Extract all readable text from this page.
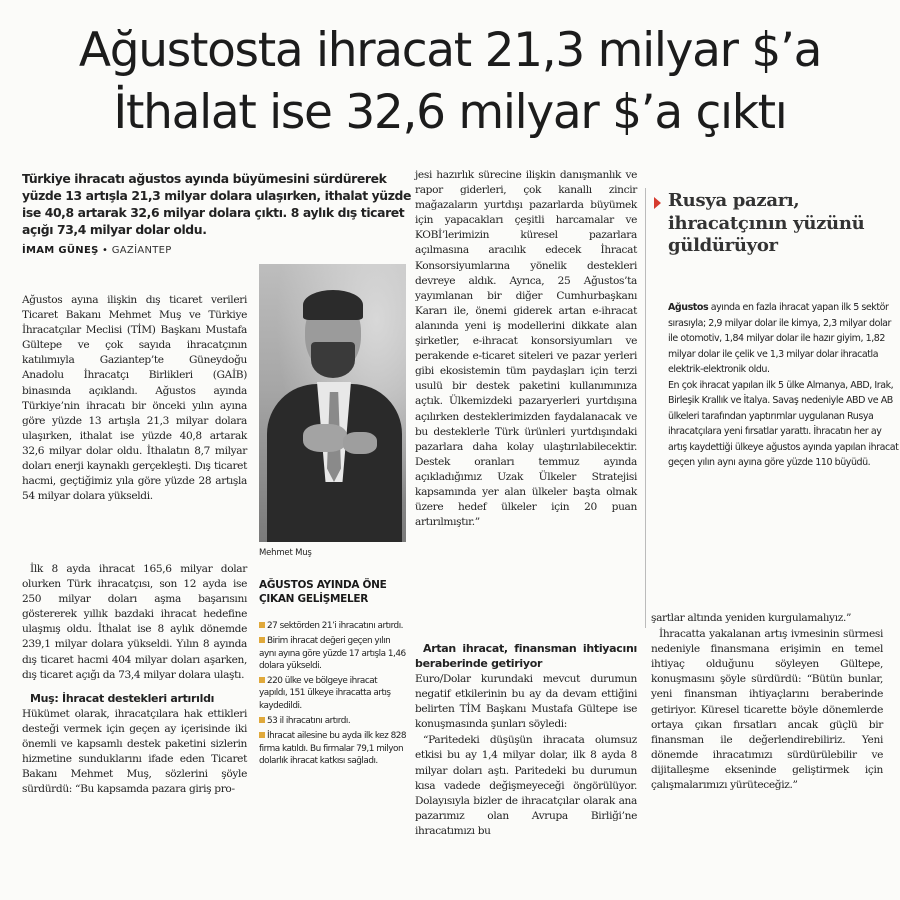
Ağustosta ihracat 21,3 milyar $’a
İthalat ise 32,6 milyar $’a çıktı
Türkiye ihracatı ağustos ayında büyümesini sürdürerek yüzde 13 artışla 21,3 milyar dolara ulaşırken, ithalat yüzde ise 40,8 artarak 32,6 milyar dolara çıktı. 8 aylık dış ticaret açığı 73,4 milyar dolar oldu.
İMAM GÜNEŞ • GAZİANTEP

Ağustos ayına ilişkin dış ticaret verileri Ticaret Bakanı Mehmet Muş ve Türkiye İhracatçılar Meclisi (TİM) Başkanı Mustafa Gültepe ve çok sayıda ihracatçının katılımıyla Gaziantep’te Güneydoğu Anadolu İhracatçı Birlikleri (GAİB) binasında açıklandı. Ağustos ayında Türkiye’nin ihracatı bir önceki yılın ayına göre yüzde 13 artışla 21,3 milyar dolara ulaşırken, ithalat ise yüzde 40,8 artarak 32,6 milyar dolar oldu. İthalatın 8,7 milyar doları enerji kaynaklı gerçekleşti. Dış ticaret hacmi, geçtiğimiz yıla göre yüzde 28 artışla 54 milyar dolara yükseldi.

İlk 8 ayda ihracat 165,6 milyar dolar olurken Türk ihracatçısı, son 12 ayda ise 250 milyar doları aşma başarısını göstererek yıllık bazdaki ihracat hedefine ulaşmış oldu. İthalat ise 8 aylık dönemde 239,1 milyar dolara yükseldi. Yılın 8 ayında dış ticaret hacmi 404 milyar doları aşarken, dış ticaret açığı da 73,4 milyar dolara ulaştı.

Muş: İhracat destekleri artırıldı

Hükümet olarak, ihracatçılara hak ettikleri desteği vermek için geçen ay içerisinde iki önemli ve kapsamlı destek paketini sizlerin hizmetine sunduklarını ifade eden Ticaret Bakanı Mehmet Muş, sözlerini şöyle sürdürdü: “Bu kapsamda pazara giriş pro-

Mehmet Muş
AĞUSTOS AYINDA ÖNE ÇIKAN GELİŞMELER
27 sektörden 21’i ihracatını artırdı.
Birim ihracat değeri geçen yılın aynı ayına göre yüzde 17 artışla 1,46 dolara yükseldi.
220 ülke ve bölgeye ihracat yapıldı, 151 ülkeye ihracatta artış kaydedildi.
53 il ihracatını artırdı.
İhracat ailesine bu ayda ilk kez 828 firma katıldı. Bu firmalar 79,1 milyon dolarlık ihracat katkısı sağladı.

jesi hazırlık sürecine ilişkin danışmanlık ve rapor giderleri, çok kanallı zincir mağazaların yurtdışı pazarlarda büyümek için yapacakları çeşitli harcamalar ve KOBİ’lerimizin küresel pazarlara açılmasına aracılık edecek İhracat Konsorsiyumlarına yönelik destekleri devreye aldık. Ayrıca, 25 Ağustos’ta yayımlanan bir diğer Cumhurbaşkanı Kararı ile, önemi giderek artan e-ihracat alanında yeni iş modellerini dikkate alan şirketler, e-ihracat konsorsiyumları ve perakende e-ticaret siteleri ve pazar yerleri gibi ekosistemin tüm paydaşları için terzi usulü bir destek paketini kullanımınıza açtık. Ülkemizdeki pazaryerleri yurtdışına açılırken desteklerimizden faydalanacak ve bu desteklerle Türk ürünleri yurtdışındaki pazarlara daha kolay ulaştırılabilecektir. Destek oranları temmuz ayında açıkladığımız Uzak Ülkeler Stratejisi kapsamında yer alan ülkeler başta olmak üzere hedef ülkeler için 20 puan artırılmıştır.”

Artan ihracat, finansman ihtiyacını beraberinde getiriyor

Euro/Dolar kurundaki mevcut durumun negatif etkilerinin bu ay da devam ettiğini belirten TİM Başkanı Mustafa Gültepe ise konuşmasında şunları söyledi:

“Paritedeki düşüşün ihracata olumsuz etkisi bu ay 1,4 milyar dolar, ilk 8 ayda 8 milyar doları aştı. Paritedeki bu durumun kısa vadede değişmeyeceği öngörülüyor. Dolayısıyla bizler de ihracatçılar olarak ana pazarımız olan Avrupa Birliği’ne ihracatımızı bu

Rusya pazarı, ihracatçının yüzünü güldürüyor

Ağustos ayında en fazla ihracat yapan ilk 5 sektör sırasıyla; 2,9 milyar dolar ile kimya, 2,3 milyar dolar ile otomotiv, 1,84 milyar dolar ile hazır giyim, 1,82 milyar dolar ile çelik ve 1,3 milyar dolar ihracatla elektrik-elektronik oldu.

En çok ihracat yapılan ilk 5 ülke Almanya, ABD, Irak, Birleşik Krallık ve İtalya. Savaş nedeniyle ABD ve AB ülkeleri tarafından yaptırımlar uygulanan Rusya ihracatçılara yeni fırsatlar yarattı. İhracatın her ay artış kaydettiği ülkeye ağustos ayında yapılan ihracat geçen yılın aynı ayına göre yüzde 110 büyüdü.

şartlar altında yeniden kurgulamalıyız.”

İhracatta yakalanan artış ivmesinin sürmesi nedeniyle finansmana erişimin en temel ihtiyaç olduğunu söyleyen Gültepe, konuşmasını şöyle sürdürdü: “Bütün bunlar, yeni finansman ihtiyaçlarını beraberinde getiriyor. Küresel ticarette böyle dönemlerde ortaya çıkan fırsatları ancak güçlü bir finansman ile değerlendirebiliriz. Yeni dönemde ihracatımızı sürdürülebilir ve dijitalleşme ekseninde geliştirmek için çalışmalarımızı yürüteceğiz.”
